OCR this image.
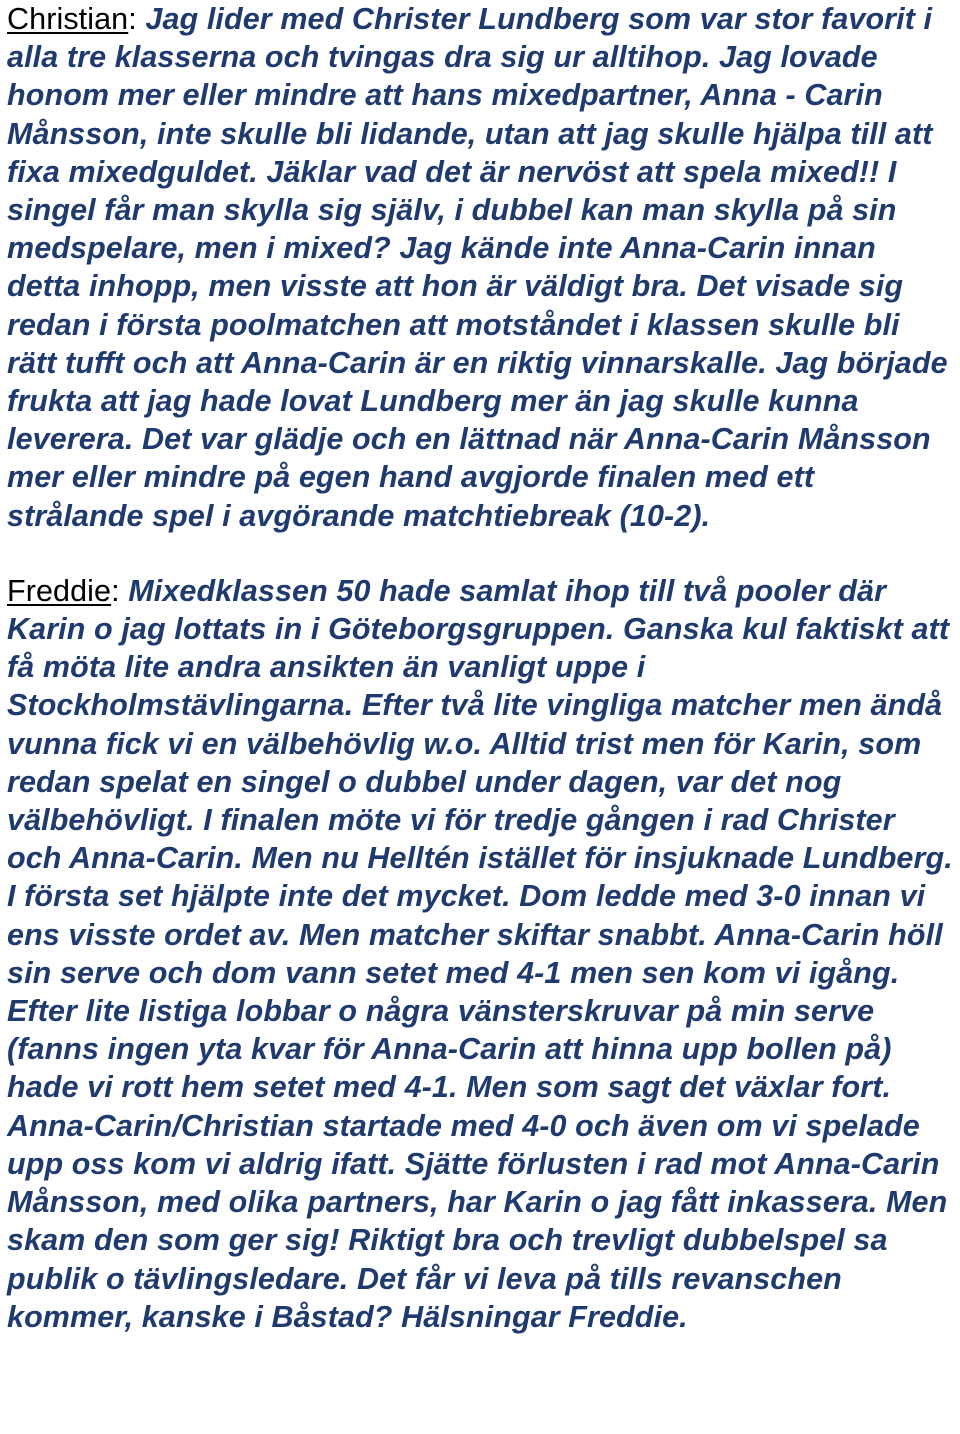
Christian: Jag lider med Christer Lundberg som var stor favorit i alla tre klasserna och tvingas dra sig ur alltihop. Jag lovade honom mer eller mindre att hans mixedpartner, Anna - Carin Månsson, inte skulle bli lidande, utan att jag skulle hjälpa till att fixa mixedguldet. Jäklar vad det är nervöst att spela mixed!! I singel får man skylla sig själv, i dubbel kan man skylla på sin medspelare, men i mixed? Jag kände inte Anna-Carin innan detta inhopp, men visste att hon är väldigt bra. Det visade sig redan i första poolmatchen att motståndet i klassen skulle bli rätt tufft och att Anna-Carin är en riktig vinnarskalle. Jag började frukta att jag hade lovat Lundberg mer än jag skulle kunna leverera. Det var glädje och en lättnad när Anna-Carin Månsson mer eller mindre på egen hand avgjorde finalen med ett strålande spel i avgörande matchtiebreak (10-2).

Freddie: Mixedklassen 50 hade samlat ihop till två pooler där Karin o jag lottats in i Göteborgsgruppen. Ganska kul faktiskt att få möta lite andra ansikten än vanligt uppe i Stockholmstävlingarna. Efter två lite vingliga matcher men ändå vunna fick vi en välbehövlig w.o. Alltid trist men för Karin, som redan spelat en singel o dubbel under dagen, var det nog välbehövligt. I finalen möte vi för tredje gången i rad Christer och Anna-Carin. Men nu Helltén istället för insjuknade Lundberg. I första set hjälpte inte det mycket. Dom ledde med 3-0 innan vi ens visste ordet av. Men matcher skiftar snabbt. Anna-Carin höll sin serve och dom vann setet med 4-1 men sen kom vi igång. Efter lite listiga lobbar o några vänsterskruvar på min serve (fanns ingen yta kvar för Anna-Carin att hinna upp bollen på) hade vi rott hem setet med 4-1. Men som sagt det växlar fort. Anna-Carin/Christian startade med 4-0 och även om vi spelade upp oss kom vi aldrig ifatt. Sjätte förlusten i rad mot Anna-Carin Månsson, med olika partners, har Karin o jag fått inkassera. Men skam den som ger sig! Riktigt bra och trevligt dubbelspel sa publik o tävlingsledare. Det får vi leva på tills revanschen kommer, kanske i Båstad? Hälsningar Freddie.
